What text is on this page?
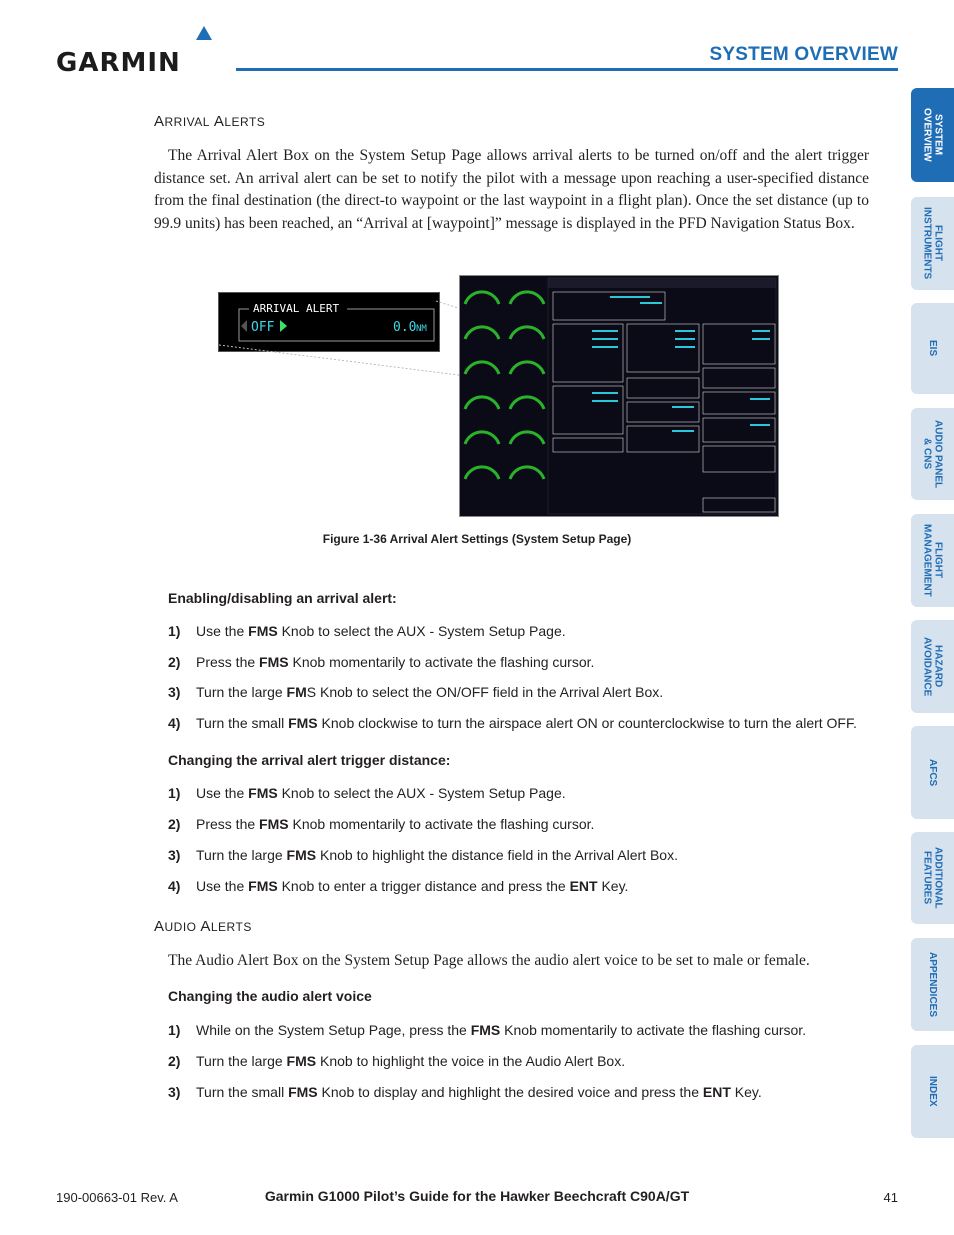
GARMIN	SYSTEM OVERVIEW
SYSTEM
OVERVIEW
FLIGHT
INSTRUMENTS
EIS
AUDIO PANEL
& CNS
FLIGHT
MANAGEMENT
HAZARD
AVOIDANCE
AFCS
ADDITIONAL
FEATURES
APPENDICES
INDEX
ARRIVAL ALERTS
The Arrival Alert Box on the System Setup Page allows arrival alerts to be turned on/off and the alert trigger distance set. An arrival alert can be set to notify the pilot with a message upon reaching a user-specified distance from the final destination (the direct-to waypoint or the last waypoint in a flight plan). Once the set distance (up to 99.9 units) has been reached, an “Arrival at [waypoint]” message is displayed in the PFD Navigation Status Box.
ARRIVAL ALERT
OFF	0.0 NM
Figure 1-36 Arrival Alert Settings (System Setup Page)
Enabling/disabling an arrival alert:
1) Use the FMS Knob to select the AUX - System Setup Page.
2) Press the FMS Knob momentarily to activate the flashing cursor.
3) Turn the large FMS Knob to select the ON/OFF field in the Arrival Alert Box.
4) Turn the small FMS Knob clockwise to turn the airspace alert ON or counterclockwise to turn the alert OFF.
Changing the arrival alert trigger distance:
1) Use the FMS Knob to select the AUX - System Setup Page.
2) Press the FMS Knob momentarily to activate the flashing cursor.
3) Turn the large FMS Knob to highlight the distance field in the Arrival Alert Box.
4) Use the FMS Knob to enter a trigger distance and press the ENT Key.
AUDIO ALERTS
The Audio Alert Box on the System Setup Page allows the audio alert voice to be set to male or female.
Changing the audio alert voice
1) While on the System Setup Page, press the FMS Knob momentarily to activate the flashing cursor.
2) Turn the large FMS Knob to highlight the voice in the Audio Alert Box.
3) Turn the small FMS Knob to display and highlight the desired voice and press the ENT Key.
190-00663-01 Rev. A	Garmin G1000 Pilot’s Guide for the Hawker Beechcraft C90A/GT	41
